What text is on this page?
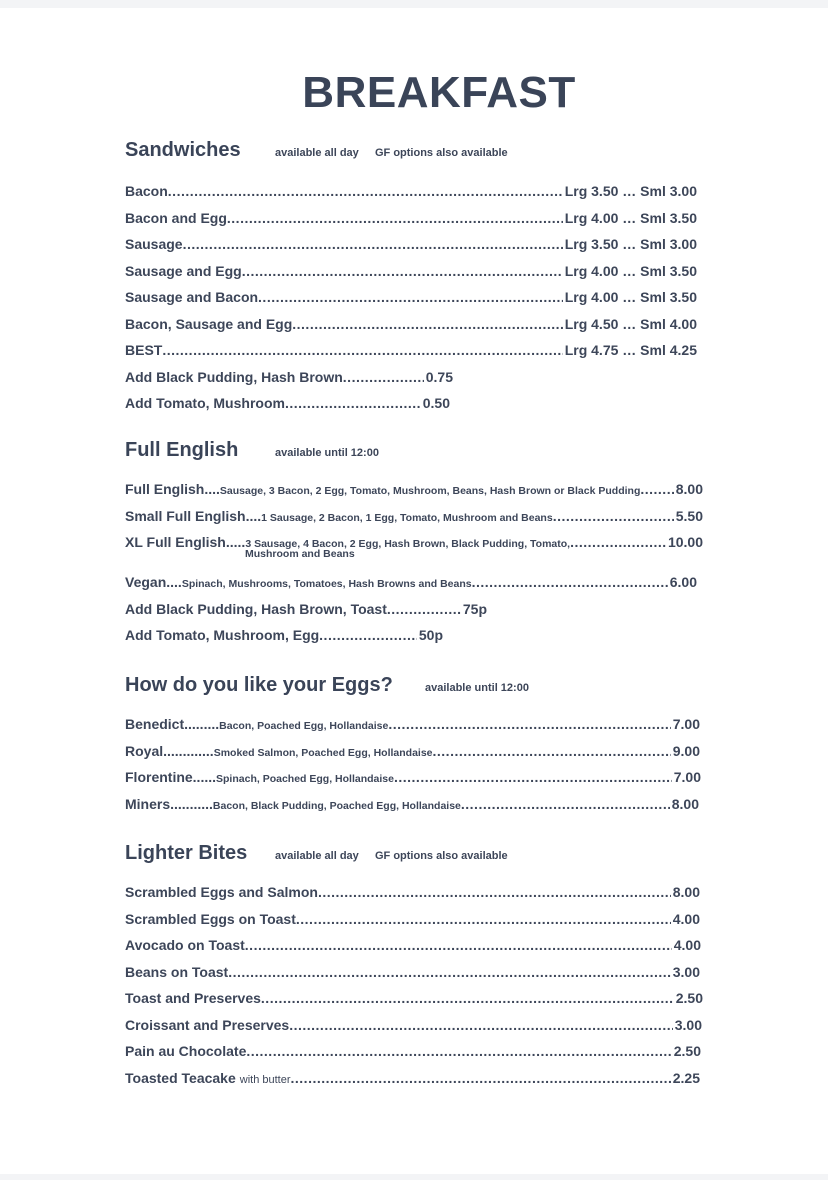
BREAKFAST
Sandwiches	available all day GF options also available
Bacon .....	Lrg 3.50 … Sml 3.00
Bacon and Egg .....	Lrg 4.00 … Sml 3.50
Sausage .....	Lrg 3.50 … Sml 3.00
Sausage and Egg .....	Lrg 4.00 … Sml 3.50
Sausage and Bacon .....	Lrg 4.00 … Sml 3.50
Bacon, Sausage and Egg .....	Lrg 4.50 … Sml 4.00
BEST .....	Lrg 4.75 … Sml 4.25
Add Black Pudding, Hash Brown .....	0.75
Add Tomato, Mushroom .....	0.50
Full English	available until 12:00
Full English.... Sausage, 3 Bacon, 2 Egg, Tomato, Mushroom, Beans, Hash Brown or Black Pudding .....	8.00
Small Full English.... 1 Sausage, 2 Bacon, 1 Egg, Tomato, Mushroom and Beans .....	5.50
XL Full English..... 3 Sausage, 4 Bacon, 2 Egg, Hash Brown, Black Pudding, Tomato, .....	10.00
Mushroom and Beans
Vegan.... Spinach, Mushrooms, Tomatoes, Hash Browns and Beans .....	6.00
Add Black Pudding, Hash Brown, Toast .....	75p
Add Tomato, Mushroom, Egg .....	50p
How do you like your Eggs?	available until 12:00
Benedict......... Bacon, Poached Egg, Hollandaise .....	7.00
Royal............. Smoked Salmon, Poached Egg, Hollandaise .....	9.00
Florentine...... Spinach, Poached Egg, Hollandaise .....	7.00
Miners........... Bacon, Black Pudding, Poached Egg, Hollandaise .....	8.00
Lighter Bites	available all day GF options also available
Scrambled Eggs and Salmon .....	8.00
Scrambled Eggs on Toast .....	4.00
Avocado on Toast .....	4.00
Beans on Toast .....	3.00
Toast and Preserves .....	2.50
Croissant and Preserves .....	3.00
Pain au Chocolate .....	2.50
Toasted Teacake with butter .....	2.25
